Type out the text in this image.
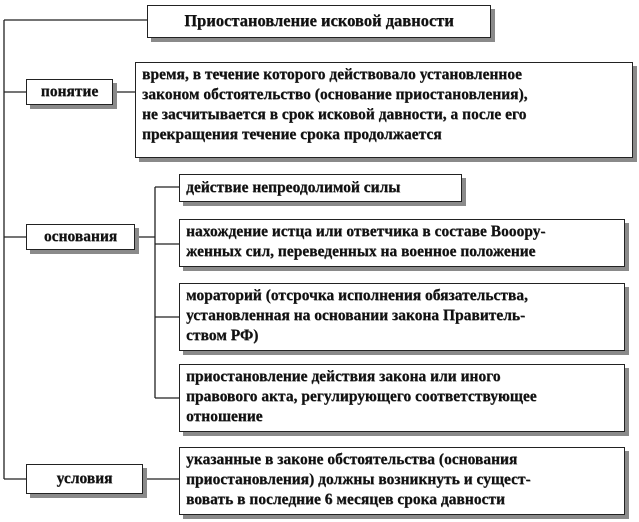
Приостановление исковой давности
понятие
время, в течение которого действовало установленное
законом обстоятельство (основание приостановления),
не засчитывается в срок исковой давности, а после его
прекращения течение срока продолжается
основания
действие непреодолимой силы
нахождение истца или ответчика в составе Вооору-
женных сил, переведенных на военное положение
мораторий (отсрочка исполнения обязательства,
установленная на основании закона Правитель-
ством РФ)
приостановление действия закона или иного
правового акта, регулирующего соответствующее
отношение
условия
указанные в законе обстоятельства (основания
приостановления) должны возникнуть и сущест-
вовать в последние 6 месяцев срока давности
